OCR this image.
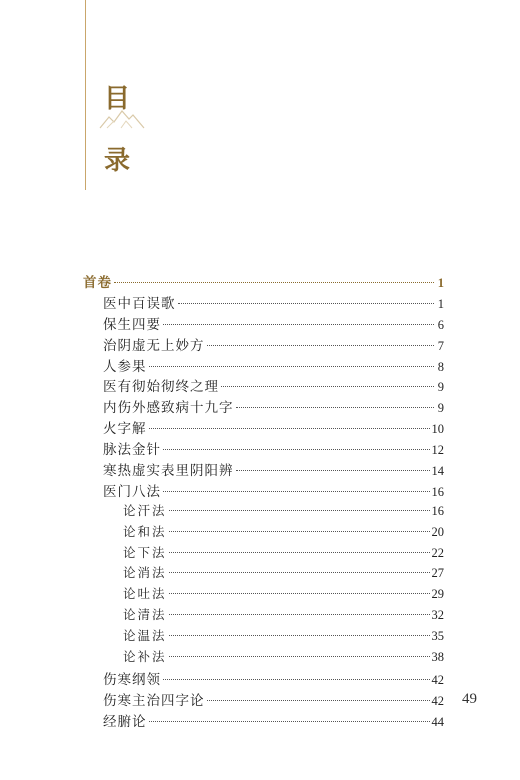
目
录
首卷	1
医中百误歌	1
保生四要	6
治阴虚无上妙方	7
人参果	8
医有彻始彻终之理	9
内伤外感致病十九字	9
火字解	10
脉法金针	12
寒热虚实表里阴阳辨	14
医门八法	16
论汗法	16
论和法	20
论下法	22
论消法	27
论吐法	29
论清法	32
论温法	35
论补法	38
伤寒纲领	42
伤寒主治四字论	42
经腑论	44
49
